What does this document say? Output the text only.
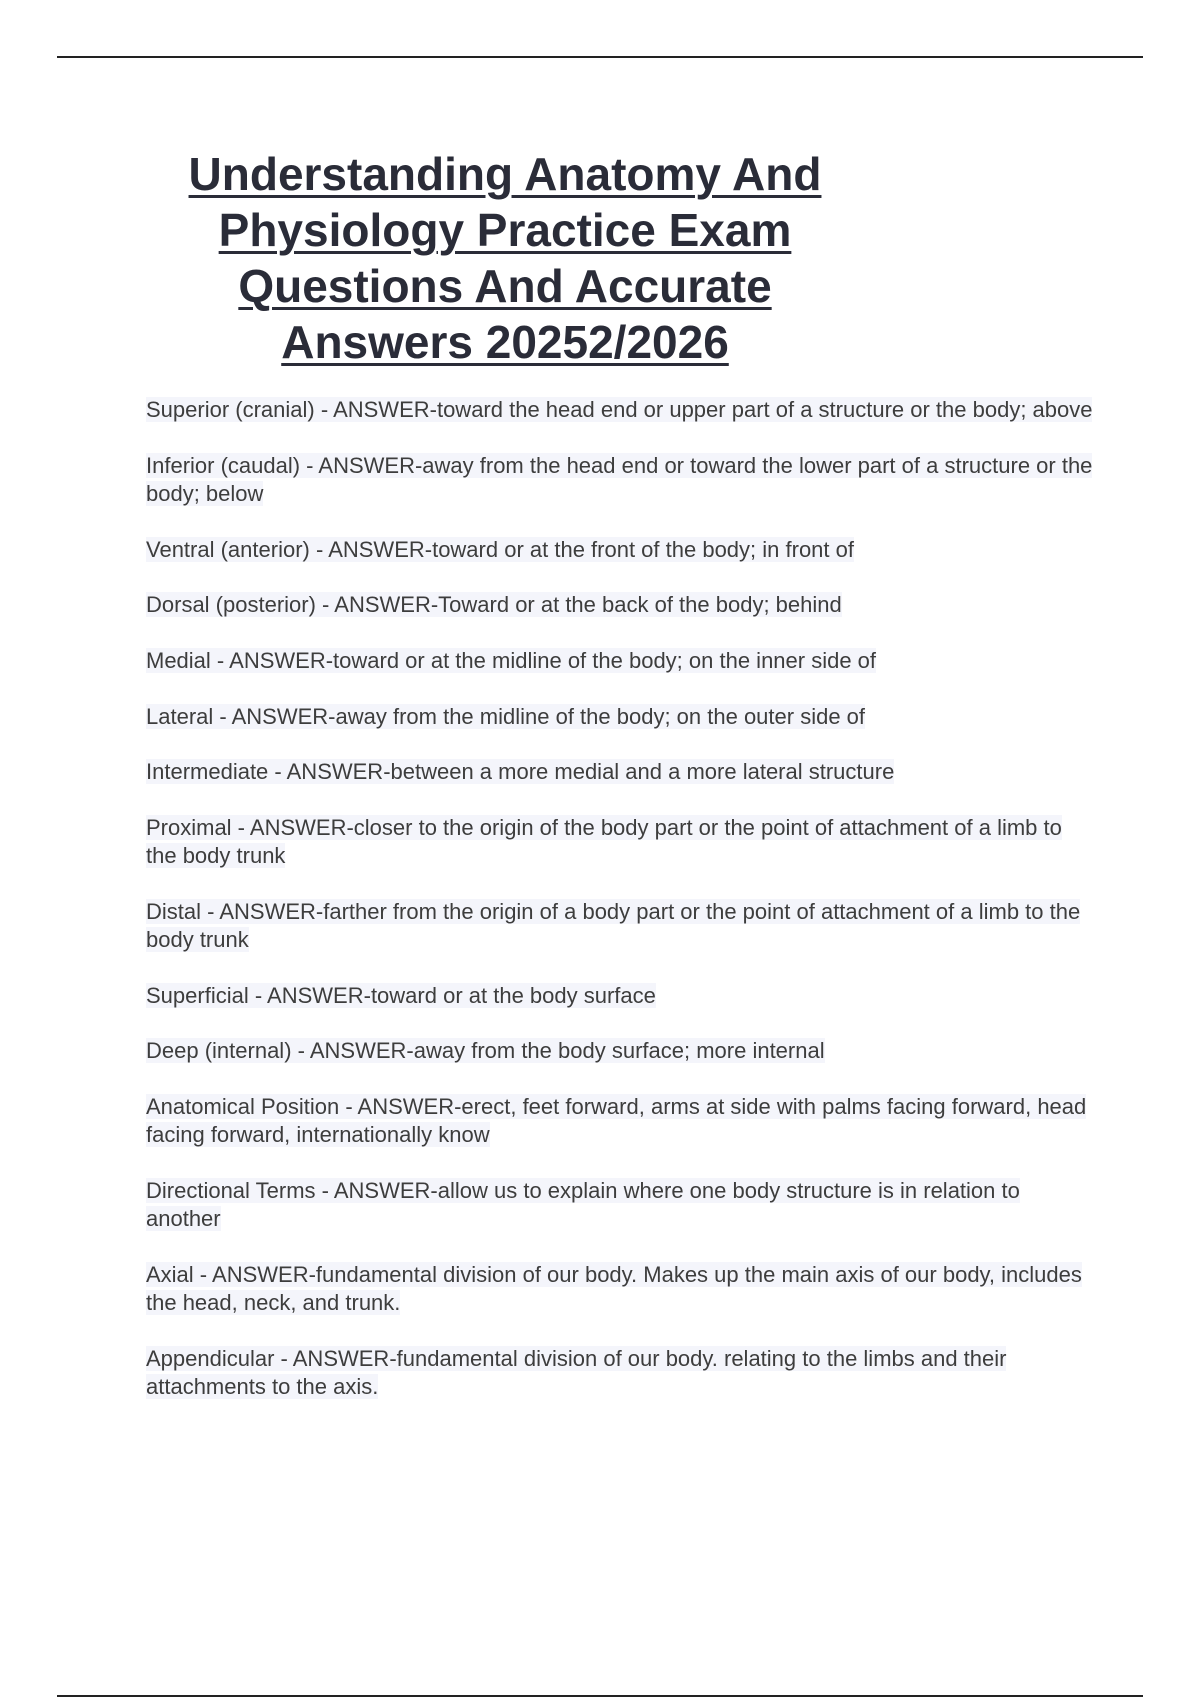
Understanding Anatomy And
Physiology Practice Exam
Questions And Accurate
Answers 20252/2026
Superior (cranial) - ANSWER-toward the head end or upper part of a structure or the body; above
Inferior (caudal) - ANSWER-away from the head end or toward the lower part of a structure or the body; below
Ventral (anterior) - ANSWER-toward or at the front of the body; in front of
Dorsal (posterior) - ANSWER-Toward or at the back of the body; behind
Medial - ANSWER-toward or at the midline of the body; on the inner side of
Lateral - ANSWER-away from the midline of the body; on the outer side of
Intermediate - ANSWER-between a more medial and a more lateral structure
Proximal - ANSWER-closer to the origin of the body part or the point of attachment of a limb to the body trunk
Distal - ANSWER-farther from the origin of a body part or the point of attachment of a limb to the body trunk
Superficial - ANSWER-toward or at the body surface
Deep (internal) - ANSWER-away from the body surface; more internal
Anatomical Position - ANSWER-erect, feet forward, arms at side with palms facing forward, head facing forward, internationally know
Directional Terms - ANSWER-allow us to explain where one body structure is in relation to another
Axial - ANSWER-fundamental division of our body. Makes up the main axis of our body, includes the head, neck, and trunk.
Appendicular - ANSWER-fundamental division of our body. relating to the limbs and their attachments to the axis.
